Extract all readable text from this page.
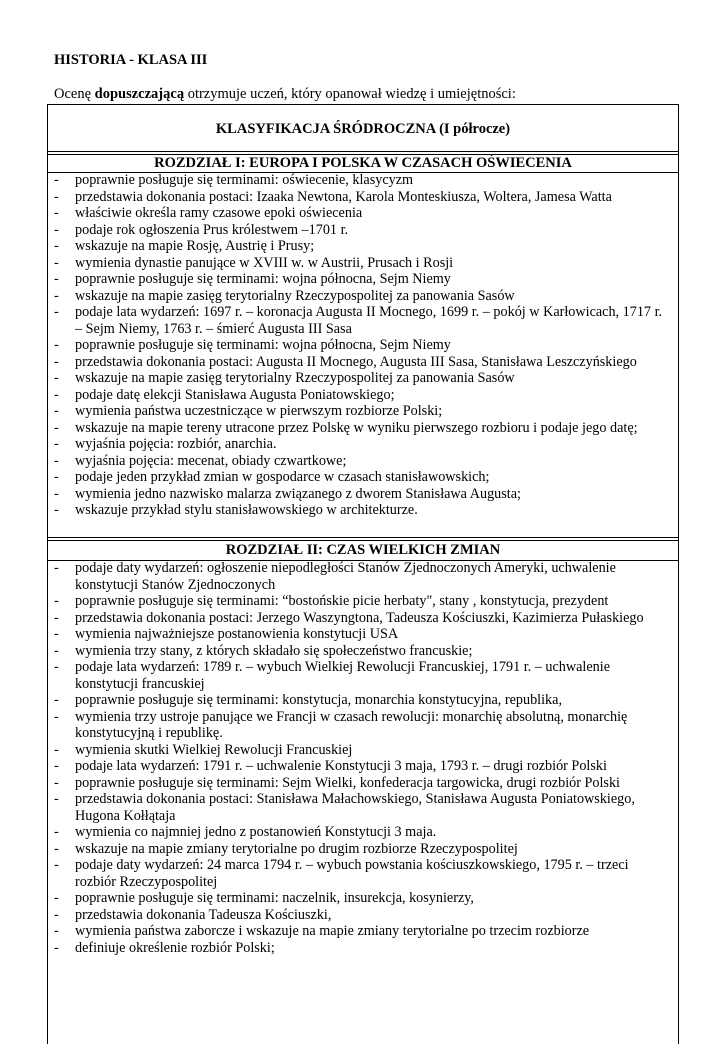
HISTORIA - KLASA III
Ocenę dopuszczającą otrzymuje uczeń, który opanował wiedzę i umiejętności:
KLASYFIKACJA ŚRÓDROCZNA (I półrocze)
ROZDZIAŁ I: EUROPA I POLSKA W CZASACH OŚWIECENIA
- poprawnie posługuje się terminami: oświecenie, klasycyzm
- przedstawia dokonania postaci: Izaaka Newtona, Karola Monteskiusza, Woltera, Jamesa Watta
- właściwie określa ramy czasowe epoki oświecenia
- podaje rok ogłoszenia Prus królestwem –1701 r.
- wskazuje na mapie Rosję, Austrię i Prusy;
- wymienia dynastie panujące w XVIII w. w Austrii, Prusach i Rosji
- poprawnie posługuje się terminami: wojna północna, Sejm Niemy
- wskazuje na mapie zasięg terytorialny Rzeczypospolitej za panowania Sasów
- podaje lata wydarzeń: 1697 r. – koronacja Augusta II Mocnego, 1699 r. – pokój w Karłowicach, 1717 r. – Sejm Niemy, 1763 r. – śmierć Augusta III Sasa
- poprawnie posługuje się terminami: wojna północna, Sejm Niemy
- przedstawia dokonania postaci: Augusta II Mocnego, Augusta III Sasa, Stanisława Leszczyńskiego
- wskazuje na mapie zasięg terytorialny Rzeczypospolitej za panowania Sasów
- podaje datę elekcji Stanisława Augusta Poniatowskiego;
- wymienia państwa uczestniczące w pierwszym rozbiorze Polski;
- wskazuje na mapie tereny utracone przez Polskę w wyniku pierwszego rozbioru i podaje jego datę;
- wyjaśnia pojęcia: rozbiór, anarchia.
- wyjaśnia pojęcia: mecenat, obiady czwartkowe;
- podaje jeden przykład zmian w gospodarce w czasach stanisławowskich;
- wymienia jedno nazwisko malarza związanego z dworem Stanisława Augusta;
- wskazuje przykład stylu stanisławowskiego w architekturze.
ROZDZIAŁ II: CZAS WIELKICH ZMIAN
- podaje daty wydarzeń: ogłoszenie niepodległości Stanów Zjednoczonych Ameryki, uchwalenie konstytucji Stanów Zjednoczonych
- poprawnie posługuje się terminami: “bostońskie picie herbaty", stany , konstytucja, prezydent
- przedstawia dokonania postaci: Jerzego Waszyngtona, Tadeusza Kościuszki, Kazimierza Pułaskiego
- wymienia najważniejsze postanowienia konstytucji USA
- wymienia trzy stany, z których składało się społeczeństwo francuskie;
- podaje lata wydarzeń: 1789 r. – wybuch Wielkiej Rewolucji Francuskiej, 1791 r. – uchwalenie konstytucji francuskiej
- poprawnie posługuje się terminami: konstytucja, monarchia konstytucyjna, republika,
- wymienia trzy ustroje panujące we Francji w czasach rewolucji: monarchię absolutną, monarchię konstytucyjną i republikę.
- wymienia skutki Wielkiej Rewolucji Francuskiej
- podaje lata wydarzeń: 1791 r. – uchwalenie Konstytucji 3 maja, 1793 r. – drugi rozbiór Polski
- poprawnie posługuje się terminami: Sejm Wielki, konfederacja targowicka, drugi rozbiór Polski
- przedstawia dokonania postaci: Stanisława Małachowskiego, Stanisława Augusta Poniatowskiego, Hugona Kołłątaja
- wymienia co najmniej jedno z postanowień Konstytucji 3 maja.
- wskazuje na mapie zmiany terytorialne po drugim rozbiorze Rzeczypospolitej
- podaje daty wydarzeń: 24 marca 1794 r. – wybuch powstania kościuszkowskiego, 1795 r. – trzeci rozbiór Rzeczypospolitej
- poprawnie posługuje się terminami: naczelnik, insurekcja, kosynierzy,
- przedstawia dokonania Tadeusza Kościuszki,
- wymienia państwa zaborcze i wskazuje na mapie zmiany terytorialne po trzecim rozbiorze
- definiuje określenie rozbiór Polski;
